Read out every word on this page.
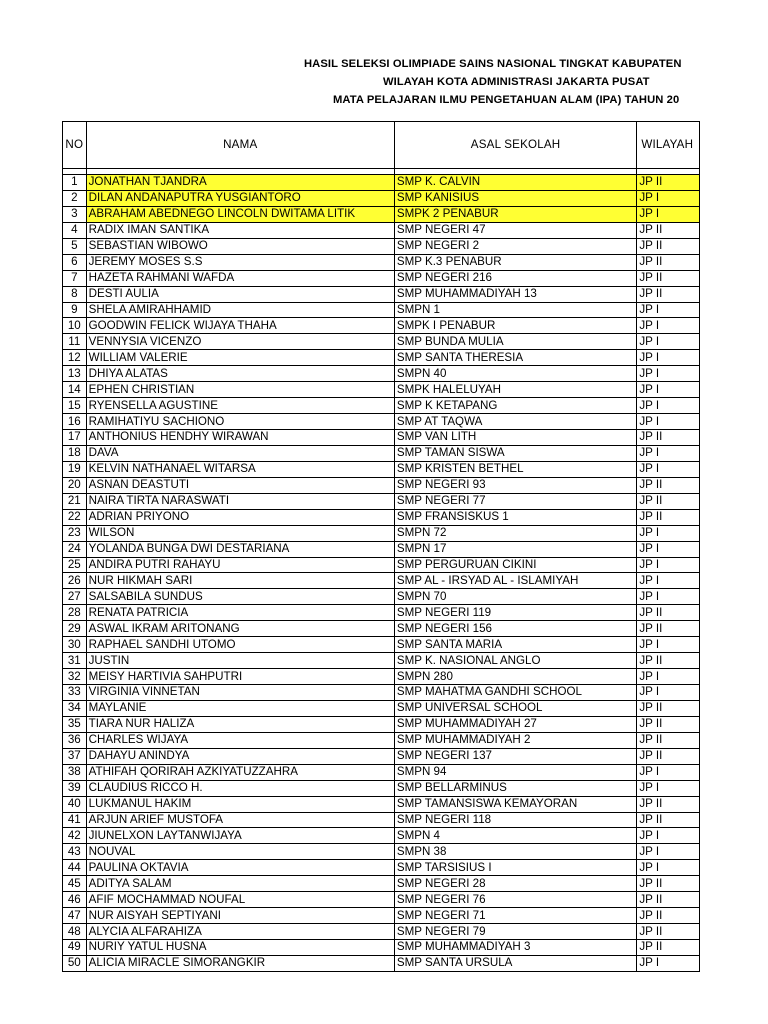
HASIL SELEKSI OLIMPIADE SAINS NASIONAL TINGKAT KABUPATEN
WILAYAH KOTA ADMINISTRASI JAKARTA PUSAT
MATA PELAJARAN ILMU PENGETAHUAN ALAM (IPA) TAHUN 20
NO	NAMA	ASAL SEKOLAH	WILAYAH

1	JONATHAN TJANDRA	SMP K. CALVIN	JP II
2	DILAN ANDANAPUTRA YUSGIANTORO	SMP KANISIUS	JP I
3	ABRAHAM ABEDNEGO LINCOLN DWITAMA LITIK	SMPK 2 PENABUR	JP I
4	RADIX IMAN SANTIKA	SMP NEGERI 47	JP II
5	SEBASTIAN WIBOWO	SMP NEGERI 2	JP II
6	JEREMY MOSES S.S	SMP K.3 PENABUR	JP II
7	HAZETA RAHMANI WAFDA	SMP NEGERI 216	JP II
8	DESTI AULIA	SMP MUHAMMADIYAH 13	JP II
9	SHELA AMIRAHHAMID	SMPN 1	JP I
10	GOODWIN FELICK WIJAYA THAHA	SMPK I PENABUR	JP I
11	VENNYSIA VICENZO	SMP BUNDA MULIA	JP I
12	WILLIAM VALERIE	SMP SANTA THERESIA	JP I
13	DHIYA ALATAS	SMPN 40	JP I
14	EPHEN CHRISTIAN	SMPK HALELUYAH	JP I
15	RYENSELLA AGUSTINE	SMP K KETAPANG	JP I
16	RAMIHATIYU SACHIONO	SMP AT TAQWA	JP I
17	ANTHONIUS HENDHY WIRAWAN	SMP VAN LITH	JP II
18	DAVA	SMP TAMAN SISWA	JP I
19	KELVIN NATHANAEL WITARSA	SMP KRISTEN BETHEL	JP I
20	ASNAN DEASTUTI	SMP NEGERI 93	JP II
21	NAIRA TIRTA NARASWATI	SMP NEGERI 77	JP II
22	ADRIAN PRIYONO	SMP FRANSISKUS 1	JP II
23	WILSON	SMPN 72	JP I
24	YOLANDA BUNGA DWI DESTARIANA	SMPN 17	JP I
25	ANDIRA PUTRI RAHAYU	SMP PERGURUAN CIKINI	JP I
26	NUR HIKMAH SARI	SMP AL - IRSYAD AL - ISLAMIYAH	JP I
27	SALSABILA SUNDUS	SMPN 70	JP I
28	RENATA PATRICIA	SMP NEGERI 119	JP II
29	ASWAL IKRAM ARITONANG	SMP NEGERI 156	JP II
30	RAPHAEL SANDHI UTOMO	SMP SANTA MARIA	JP I
31	JUSTIN	SMP K. NASIONAL ANGLO	JP II
32	MEISY HARTIVIA SAHPUTRI	SMPN 280	JP I
33	VIRGINIA VINNETAN	SMP MAHATMA GANDHI SCHOOL	JP I
34	MAYLANIE	SMP UNIVERSAL SCHOOL	JP II
35	TIARA NUR HALIZA	SMP MUHAMMADIYAH 27	JP II
36	CHARLES WIJAYA	SMP MUHAMMADIYAH 2	JP II
37	DAHAYU ANINDYA	SMP NEGERI 137	JP II
38	ATHIFAH QORIRAH AZKIYATUZZAHRA	SMPN 94	JP I
39	CLAUDIUS RICCO H.	SMP BELLARMINUS	JP I
40	LUKMANUL HAKIM	SMP TAMANSISWA KEMAYORAN	JP II
41	ARJUN ARIEF MUSTOFA	SMP NEGERI 118	JP II
42	JIUNELXON LAYTANWIJAYA	SMPN 4	JP I
43	NOUVAL	SMPN 38	JP I
44	PAULINA OKTAVIA	SMP TARSISIUS I	JP I
45	ADITYA SALAM	SMP NEGERI 28	JP II
46	AFIF MOCHAMMAD NOUFAL	SMP NEGERI 76	JP II
47	NUR AISYAH SEPTIYANI	SMP NEGERI 71	JP II
48	ALYCIA ALFARAHIZA	SMP NEGERI 79	JP II
49	NURIY YATUL HUSNA	SMP MUHAMMADIYAH 3	JP II
50	ALICIA MIRACLE SIMORANGKIR	SMP SANTA URSULA	JP I
